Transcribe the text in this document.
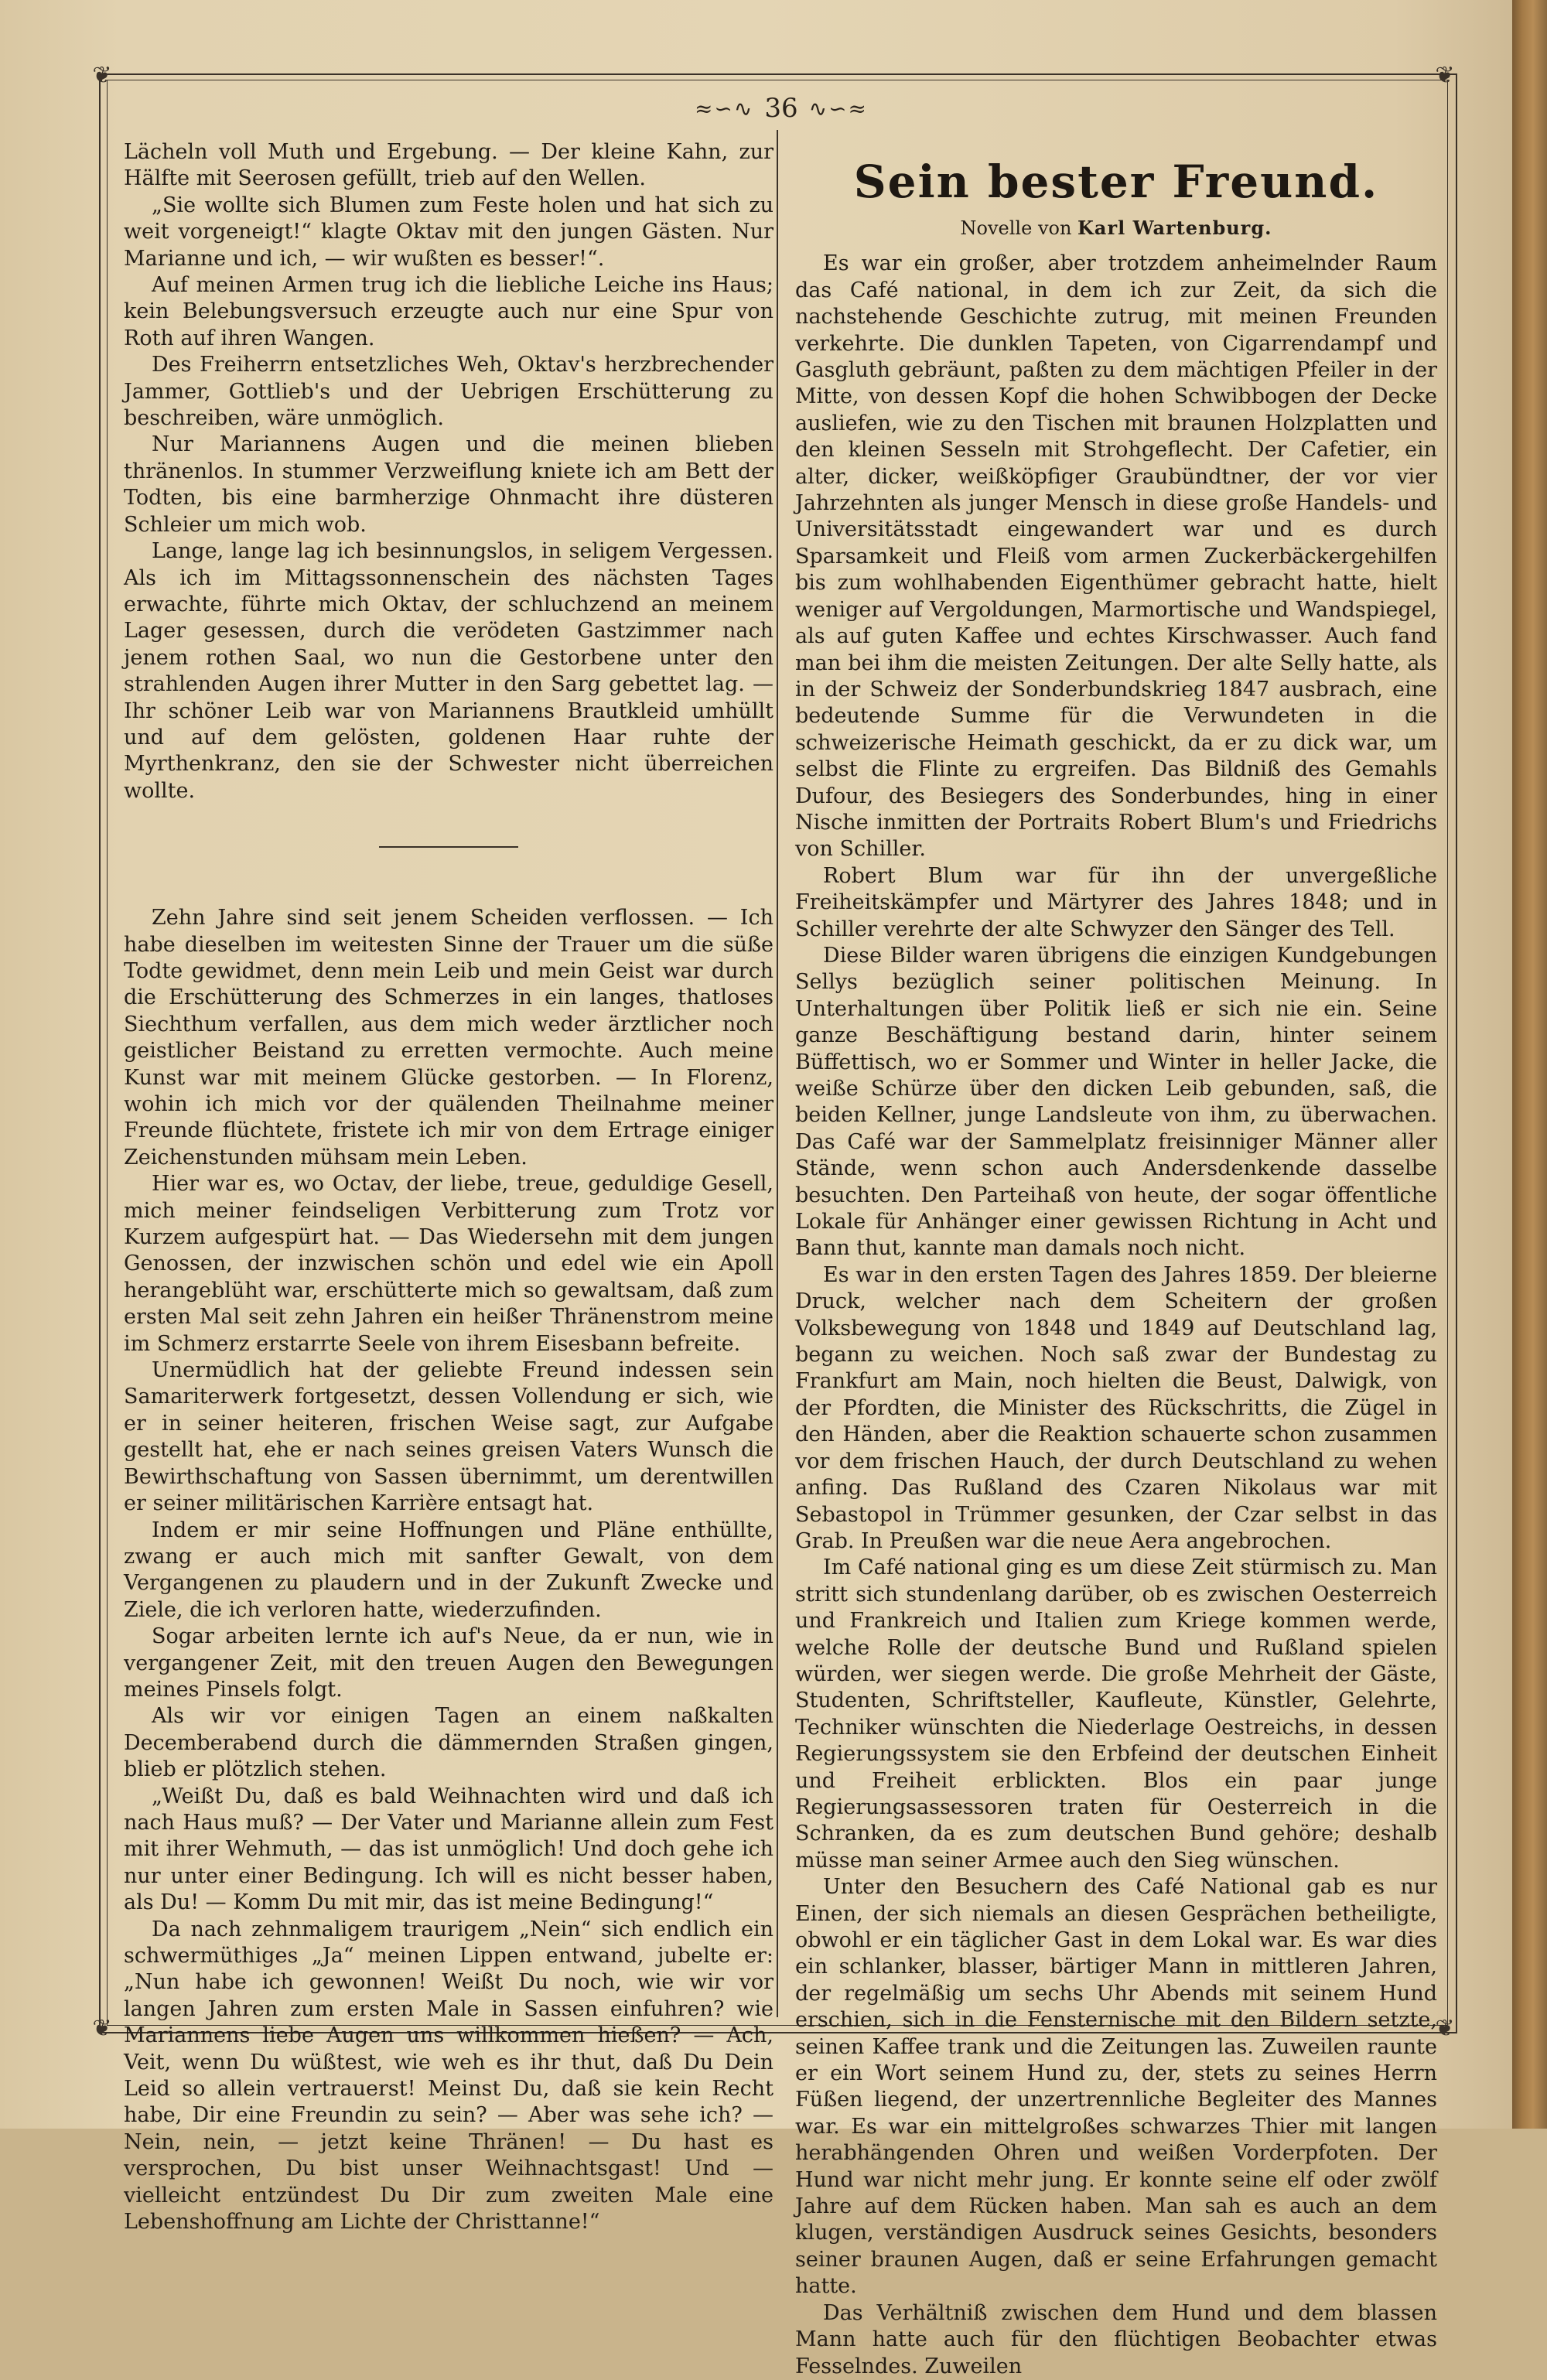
❦	❦
❦	❦
≈∽∿ 36 ∿∽≈

Lächeln voll Muth und Ergebung. — Der kleine Kahn, zur Hälfte mit Seerosen gefüllt, trieb auf den Wellen.

„Sie wollte sich Blumen zum Feste holen und hat sich zu weit vorgeneigt!“ klagte Oktav mit den jungen Gästen. Nur Marianne und ich, — wir wußten es besser!“.

Auf meinen Armen trug ich die liebliche Leiche ins Haus; kein Belebungsversuch erzeugte auch nur eine Spur von Roth auf ihren Wangen.

Des Freiherrn entsetzliches Weh, Oktav's herzbrechender Jammer, Gottlieb's und der Uebrigen Erschütterung zu beschreiben, wäre unmöglich.

Nur Mariannens Augen und die meinen blieben thränenlos. In stummer Verzweiflung kniete ich am Bett der Todten, bis eine barmherzige Ohnmacht ihre düsteren Schleier um mich wob.

Lange, lange lag ich besinnungslos, in seligem Vergessen. Als ich im Mittagssonnenschein des nächsten Tages erwachte, führte mich Oktav, der schluchzend an meinem Lager gesessen, durch die verödeten Gastzimmer nach jenem rothen Saal, wo nun die Gestorbene unter den strahlenden Augen ihrer Mutter in den Sarg gebettet lag. — Ihr schöner Leib war von Mariannens Brautkleid umhüllt und auf dem gelösten, goldenen Haar ruhte der Myrthenkranz, den sie der Schwester nicht überreichen wollte.

Zehn Jahre sind seit jenem Scheiden verflossen. — Ich habe dieselben im weitesten Sinne der Trauer um die süße Todte gewidmet, denn mein Leib und mein Geist war durch die Erschütterung des Schmerzes in ein langes, thatloses Siechthum verfallen, aus dem mich weder ärztlicher noch geistlicher Beistand zu erretten vermochte. Auch meine Kunst war mit meinem Glücke gestorben. — In Florenz, wohin ich mich vor der quälenden Theilnahme meiner Freunde flüchtete, fristete ich mir von dem Ertrage einiger Zeichenstunden mühsam mein Leben.

Hier war es, wo Octav, der liebe, treue, geduldige Gesell, mich meiner feindseligen Verbitterung zum Trotz vor Kurzem aufgespürt hat. — Das Wiedersehn mit dem jungen Genossen, der inzwischen schön und edel wie ein Apoll herangeblüht war, erschütterte mich so gewaltsam, daß zum ersten Mal seit zehn Jahren ein heißer Thränenstrom meine im Schmerz erstarrte Seele von ihrem Eisesbann befreite.

Unermüdlich hat der geliebte Freund indessen sein Samariterwerk fortgesetzt, dessen Vollendung er sich, wie er in seiner heiteren, frischen Weise sagt, zur Aufgabe gestellt hat, ehe er nach seines greisen Vaters Wunsch die Bewirthschaftung von Sassen übernimmt, um derentwillen er seiner militärischen Karrière entsagt hat.

Indem er mir seine Hoffnungen und Pläne enthüllte, zwang er auch mich mit sanfter Gewalt, von dem Vergangenen zu plaudern und in der Zukunft Zwecke und Ziele, die ich verloren hatte, wiederzufinden.

Sogar arbeiten lernte ich auf's Neue, da er nun, wie in vergangener Zeit, mit den treuen Augen den Bewegungen meines Pinsels folgt.

Als wir vor einigen Tagen an einem naßkalten Decemberabend durch die dämmernden Straßen gingen, blieb er plötzlich stehen.

„Weißt Du, daß es bald Weihnachten wird und daß ich nach Haus muß? — Der Vater und Marianne allein zum Fest mit ihrer Wehmuth, — das ist unmöglich! Und doch gehe ich nur unter einer Bedingung. Ich will es nicht besser haben, als Du! — Komm Du mit mir, das ist meine Bedingung!“

Da nach zehnmaligem traurigem „Nein“ sich endlich ein schwermüthiges „Ja“ meinen Lippen entwand, jubelte er: „Nun habe ich gewonnen! Weißt Du noch, wie wir vor langen Jahren zum ersten Male in Sassen einfuhren? wie Mariannens liebe Augen uns willkommen hießen? — Ach, Veit, wenn Du wüßtest, wie weh es ihr thut, daß Du Dein Leid so allein vertrauerst! Meinst Du, daß sie kein Recht habe, Dir eine Freundin zu sein? — Aber was sehe ich? — Nein, nein, — jetzt keine Thränen! — Du hast es versprochen, Du bist unser Weihnachtsgast! Und — vielleicht entzündest Du Dir zum zweiten Male eine Lebenshoffnung am Lichte der Christtanne!“

Sein bester Freund.
Novelle von Karl Wartenburg.

Es war ein großer, aber trotzdem anheimelnder Raum das Café national, in dem ich zur Zeit, da sich die nachstehende Geschichte zutrug, mit meinen Freunden verkehrte. Die dunklen Tapeten, von Cigarrendampf und Gasgluth gebräunt, paßten zu dem mächtigen Pfeiler in der Mitte, von dessen Kopf die hohen Schwibbogen der Decke ausliefen, wie zu den Tischen mit braunen Holzplatten und den kleinen Sesseln mit Strohgeflecht. Der Cafetier, ein alter, dicker, weißköpfiger Graubündtner, der vor vier Jahrzehnten als junger Mensch in diese große Handels- und Universitätsstadt eingewandert war und es durch Sparsamkeit und Fleiß vom armen Zuckerbäckergehilfen bis zum wohlhabenden Eigenthümer gebracht hatte, hielt weniger auf Vergoldungen, Marmortische und Wandspiegel, als auf guten Kaffee und echtes Kirschwasser. Auch fand man bei ihm die meisten Zeitungen. Der alte Selly hatte, als in der Schweiz der Sonderbundskrieg 1847 ausbrach, eine bedeutende Summe für die Verwundeten in die schweizerische Heimath geschickt, da er zu dick war, um selbst die Flinte zu ergreifen. Das Bildniß des Gemahls Dufour, des Besiegers des Sonderbundes, hing in einer Nische inmitten der Portraits Robert Blum's und Friedrichs von Schiller.

Robert Blum war für ihn der unvergeßliche Freiheitskämpfer und Märtyrer des Jahres 1848; und in Schiller verehrte der alte Schwyzer den Sänger des Tell.

Diese Bilder waren übrigens die einzigen Kundgebungen Sellys bezüglich seiner politischen Meinung. In Unterhaltungen über Politik ließ er sich nie ein. Seine ganze Beschäftigung bestand darin, hinter seinem Büffettisch, wo er Sommer und Winter in heller Jacke, die weiße Schürze über den dicken Leib gebunden, saß, die beiden Kellner, junge Landsleute von ihm, zu überwachen. Das Café war der Sammelplatz freisinniger Männer aller Stände, wenn schon auch Andersdenkende dasselbe besuchten. Den Parteihaß von heute, der sogar öffentliche Lokale für Anhänger einer gewissen Richtung in Acht und Bann thut, kannte man damals noch nicht.

Es war in den ersten Tagen des Jahres 1859. Der bleierne Druck, welcher nach dem Scheitern der großen Volksbewegung von 1848 und 1849 auf Deutschland lag, begann zu weichen. Noch saß zwar der Bundestag zu Frankfurt am Main, noch hielten die Beust, Dalwigk, von der Pfordten, die Minister des Rückschritts, die Zügel in den Händen, aber die Reaktion schauerte schon zusammen vor dem frischen Hauch, der durch Deutschland zu wehen anfing. Das Rußland des Czaren Nikolaus war mit Sebastopol in Trümmer gesunken, der Czar selbst in das Grab. In Preußen war die neue Aera angebrochen.

Im Café national ging es um diese Zeit stürmisch zu. Man stritt sich stundenlang darüber, ob es zwischen Oesterreich und Frankreich und Italien zum Kriege kommen werde, welche Rolle der deutsche Bund und Rußland spielen würden, wer siegen werde. Die große Mehrheit der Gäste, Studenten, Schriftsteller, Kaufleute, Künstler, Gelehrte, Techniker wünschten die Niederlage Oestreichs, in dessen Regierungssystem sie den Erbfeind der deutschen Einheit und Freiheit erblickten. Blos ein paar junge Regierungsassessoren traten für Oesterreich in die Schranken, da es zum deutschen Bund gehöre; deshalb müsse man seiner Armee auch den Sieg wünschen.

Unter den Besuchern des Café National gab es nur Einen, der sich niemals an diesen Gesprächen betheiligte, obwohl er ein täglicher Gast in dem Lokal war. Es war dies ein schlanker, blasser, bärtiger Mann in mittleren Jahren, der regelmäßig um sechs Uhr Abends mit seinem Hund erschien, sich in die Fensternische mit den Bildern setzte, seinen Kaffee trank und die Zeitungen las. Zuweilen raunte er ein Wort seinem Hund zu, der, stets zu seines Herrn Füßen liegend, der unzertrennliche Begleiter des Mannes war. Es war ein mittelgroßes schwarzes Thier mit langen herabhängenden Ohren und weißen Vorderpfoten. Der Hund war nicht mehr jung. Er konnte seine elf oder zwölf Jahre auf dem Rücken haben. Man sah es auch an dem klugen, verständigen Ausdruck seines Gesichts, besonders seiner braunen Augen, daß er seine Erfahrungen gemacht hatte.

Das Verhältniß zwischen dem Hund und dem blassen Mann hatte auch für den flüchtigen Beobachter etwas Fesselndes. Zuweilen
